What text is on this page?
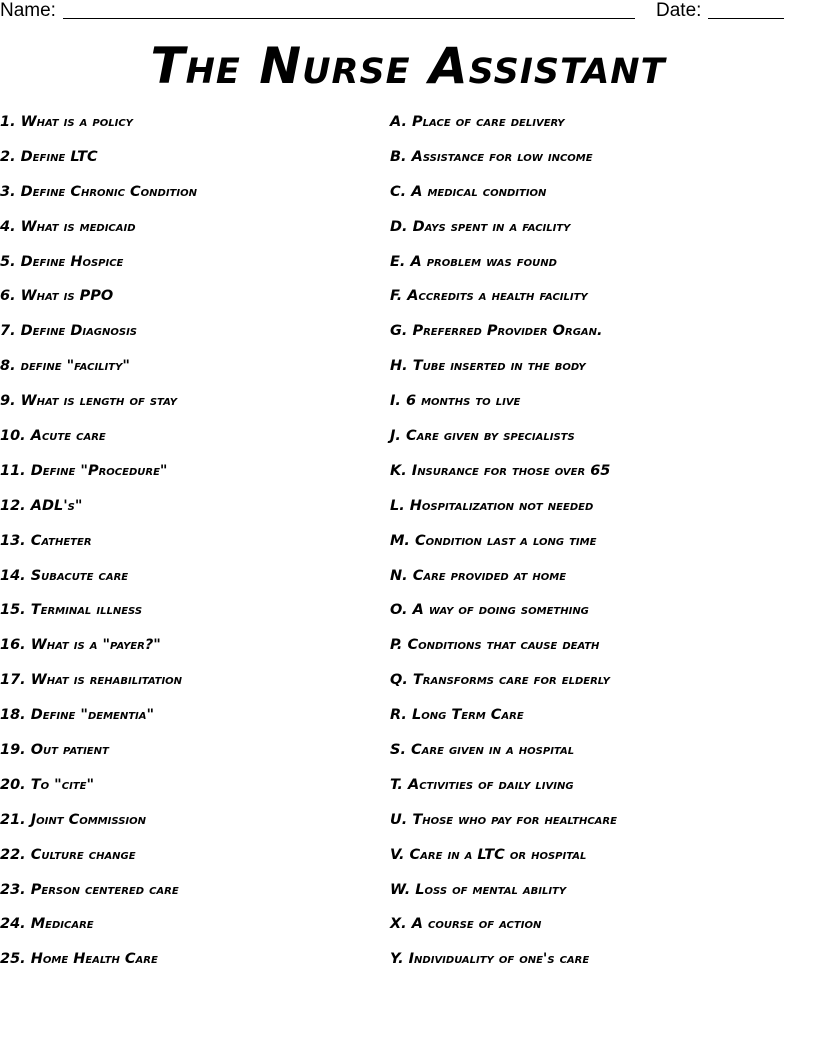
Name:	Date:
The Nurse Assistant
1. What is a policy
2. Define LTC
3. Define Chronic Condition
4. What is medicaid
5. Define Hospice
6. What is PPO
7. Define Diagnosis
8. define "facility"
9. What is length of stay
10. Acute care
11. Define "Procedure"
12. ADL's"
13. Catheter
14. Subacute care
15. Terminal illness
16. What is a "payer?"
17. What is rehabilitation
18. Define "dementia"
19. Out patient
20. To "cite"
21. Joint Commission
22. Culture change
23. Person centered care
24. Medicare
25. Home Health Care
A. Place of care delivery
B. Assistance for low income
C. A medical condition
D. Days spent in a facility
E. A problem was found
F. Accredits a health facility
G. Preferred Provider Organ.
H. Tube inserted in the body
I. 6 months to live
J. Care given by specialists
K. Insurance for those over 65
L. Hospitalization not needed
M. Condition last a long time
N. Care provided at home
O. A way of doing something
P. Conditions that cause death
Q. Transforms care for elderly
R. Long Term Care
S. Care given in a hospital
T. Activities of daily living
U. Those who pay for healthcare
V. Care in a LTC or hospital
W. Loss of mental ability
X. A course of action
Y. Individuality of one's care
